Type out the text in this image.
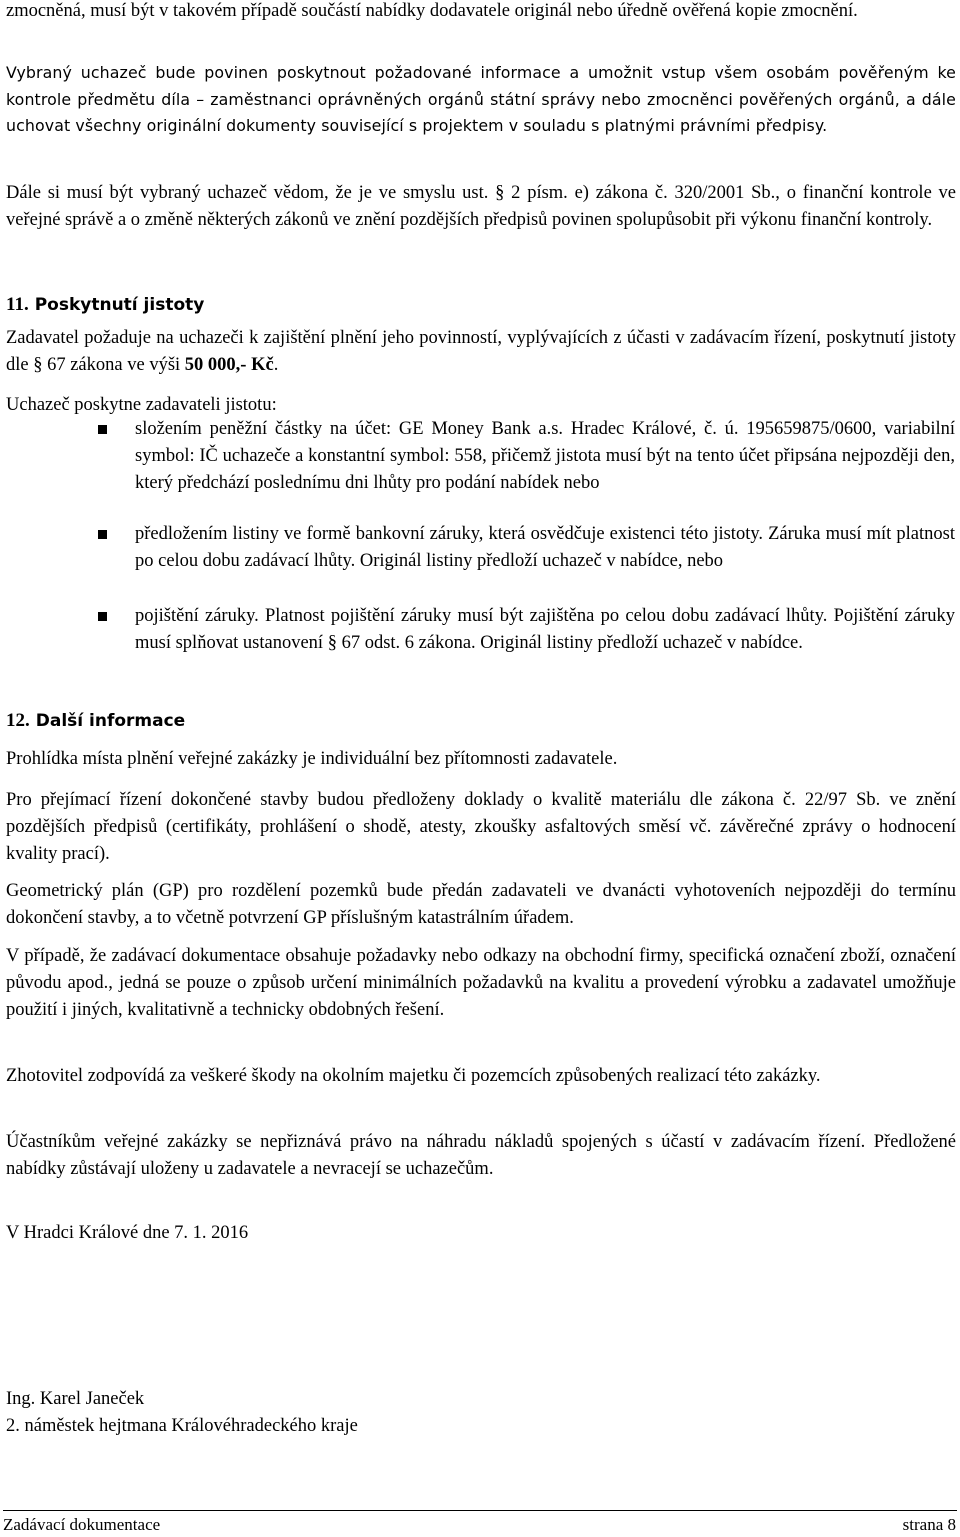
zmocněná, musí být v takovém případě součástí nabídky dodavatele originál nebo úředně ověřená kopie zmocnění.

Vybraný uchazeč bude povinen poskytnout požadované informace a umožnit vstup všem osobám pověřeným ke kontrole předmětu díla – zaměstnanci oprávněných orgánů státní správy nebo zmocněnci pověřených orgánů, a dále uchovat všechny originální dokumenty související s projektem v souladu s platnými právními předpisy.

Dále si musí být vybraný uchazeč vědom, že je ve smyslu ust. § 2 písm. e) zákona č. 320/2001 Sb., o finanční kontrole ve veřejné správě a o změně některých zákonů ve znění pozdějších předpisů povinen spolupůsobit při výkonu finanční kontroly.

11. Poskytnutí jistoty

Zadavatel požaduje na uchazeči k zajištění plnění jeho povinností, vyplývajících z účasti v zadávacím řízení, poskytnutí jistoty dle § 67 zákona ve výši 50 000,- Kč.

Uchazeč poskytne zadavateli jistotu:

složením peněžní částky na účet: GE Money Bank a.s. Hradec Králové, č. ú. 195659875/0600, variabilní symbol: IČ uchazeče a konstantní symbol: 558, přičemž jistota musí být na tento účet připsána nejpozději den, který předchází poslednímu dni lhůty pro podání nabídek nebo
předložením listiny ve formě bankovní záruky, která osvědčuje existenci této jistoty. Záruka musí mít platnost po celou dobu zadávací lhůty. Originál listiny předloží uchazeč v nabídce, nebo
pojištění záruky. Platnost pojištění záruky musí být zajištěna po celou dobu zadávací lhůty. Pojištění záruky musí splňovat ustanovení § 67 odst. 6 zákona. Originál listiny předloží uchazeč v nabídce.
12. Další informace

Prohlídka místa plnění veřejné zakázky je individuální bez přítomnosti zadavatele.

Pro přejímací řízení dokončené stavby budou předloženy doklady o kvalitě materiálu dle zákona č. 22/97 Sb. ve znění pozdějších předpisů (certifikáty, prohlášení o shodě, atesty, zkoušky asfaltových směsí vč. závěrečné zprávy o hodnocení kvality prací).

Geometrický plán (GP) pro rozdělení pozemků bude předán zadavateli ve dvanácti vyhotoveních nejpozději do termínu dokončení stavby, a to včetně potvrzení GP příslušným katastrálním úřadem.

V případě, že zadávací dokumentace obsahuje požadavky nebo odkazy na obchodní firmy, specifická označení zboží, označení původu apod., jedná se pouze o způsob určení minimálních požadavků na kvalitu a provedení výrobku a zadavatel umožňuje použití i jiných, kvalitativně a technicky obdobných řešení.

Zhotovitel zodpovídá za veškeré škody na okolním majetku či pozemcích způsobených realizací této zakázky.

Účastníkům veřejné zakázky se nepřiznává právo na náhradu nákladů spojených s účastí v zadávacím řízení. Předložené nabídky zůstávají uloženy u zadavatele a nevracejí se uchazečům.

V Hradci Králové dne 7. 1. 2016

Ing. Karel Janeček

2. náměstek hejtmana Královéhradeckého kraje

Zadávací dokumentace	strana 8
